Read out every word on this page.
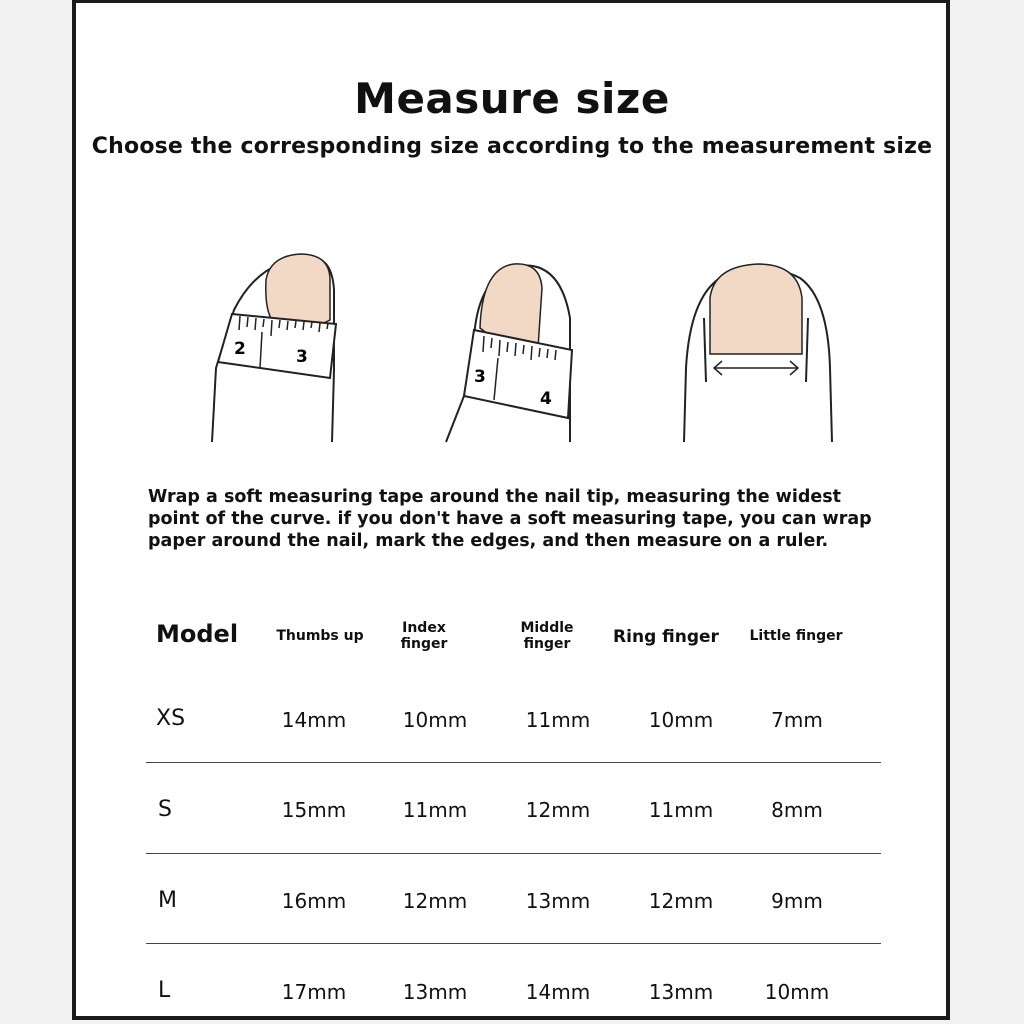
Measure size
Choose the corresponding size according to the measurement size
2	3
3
4
Wrap a soft measuring tape around the nail tip, measuring the widest
point of the curve. if you don't have a soft measuring tape, you can wrap
paper around the nail, mark the edges, and then measure on a ruler.
Model	Thumbs up	Index
finger
Middle
finger	Ring finger	Little finger
XS	14mm	10mm	11mm	10mm	7mm
S	15mm	11mm	12mm	11mm	8mm
M	16mm	12mm	13mm	12mm	9mm
L	17mm	13mm	14mm	13mm	10mm
